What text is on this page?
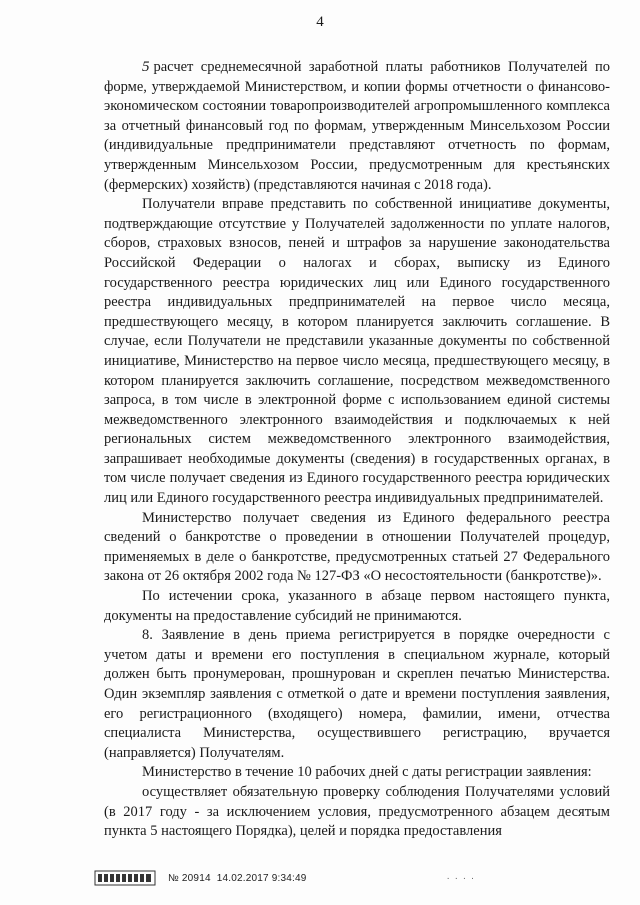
4

5 расчет среднемесячной заработной платы работников Получателей по форме, утверждаемой Министерством, и копии формы отчетности о финансово-экономическом состоянии товаропроизводителей агропромышленного комплекса за отчетный финансовый год по формам, утвержденным Минсельхозом России (индивидуальные предприниматели представляют отчетность по формам, утвержденным Минсельхозом России, предусмотренным для крестьянских (фермерских) хозяйств) (представляются начиная с 2018 года).

Получатели вправе представить по собственной инициативе документы, подтверждающие отсутствие у Получателей задолженности по уплате налогов, сборов, страховых взносов, пеней и штрафов за нарушение законодательства Российской Федерации о налогах и сборах, выписку из Единого государственного реестра юридических лиц или Единого государственного реестра индивидуальных предпринимателей на первое число месяца, предшествующего месяцу, в котором планируется заключить соглашение. В случае, если Получатели не представили указанные документы по собственной инициативе, Министерство на первое число месяца, предшествующего месяцу, в котором планируется заключить соглашение, посредством межведомственного запроса, в том числе в электронной форме с использованием единой системы межведомственного электронного взаимодействия и подключаемых к ней региональных систем межведомственного электронного взаимодействия, запрашивает необходимые документы (сведения) в государственных органах, в том числе получает сведения из Единого государственного реестра юридических лиц или Единого государственного реестра индивидуальных предпринимателей.

Министерство получает сведения из Единого федерального реестра сведений о банкротстве о проведении в отношении Получателей процедур, применяемых в деле о банкротстве, предусмотренных статьей 27 Федерального закона от 26 октября 2002 года № 127-ФЗ «О несостоятельности (банкротстве)».

По истечении срока, указанного в абзаце первом настоящего пункта, документы на предоставление субсидий не принимаются.

8. Заявление в день приема регистрируется в порядке очередности с учетом даты и времени его поступления в специальном журнале, который должен быть пронумерован, прошнурован и скреплен печатью Министерства. Один экземпляр заявления с отметкой о дате и времени поступления заявления, его регистрационного (входящего) номера, фамилии, имени, отчества специалиста Министерства, осуществившего регистрацию, вручается (направляется) Получателям.

Министерство в течение 10 рабочих дней с даты регистрации заявления:

осуществляет обязательную проверку соблюдения Получателями условий (в 2017 году - за исключением условия, предусмотренного абзацем десятым пункта 5 настоящего Порядка), целей и порядка предоставления

№ 20914 14.02.2017 9:34:49	· · · ·
